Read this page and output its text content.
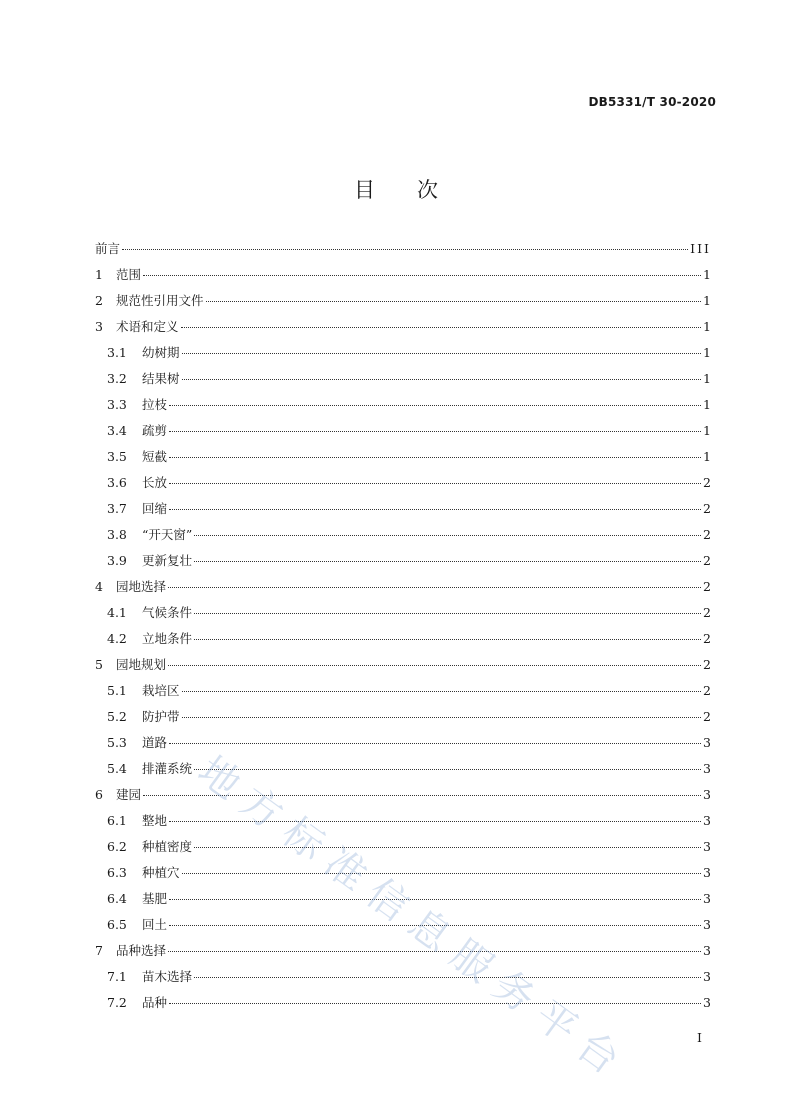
DB5331/T 30-2020
目 次
前言	III
1	范围	1
2	规范性引用文件	1
3	术语和定义	1
3.1	幼树期	1
3.2	结果树	1
3.3	拉枝	1
3.4	疏剪	1
3.5	短截	1
3.6	长放	2
3.7	回缩	2
3.8	“开天窗”	2
3.9	更新复壮	2
4	园地选择	2
4.1	气候条件	2
4.2	立地条件	2
5	园地规划	2
5.1	栽培区	2
5.2	防护带	2
5.3	道路	3
5.4	排灌系统	3
6	建园	3
6.1	整地	3
6.2	种植密度	3
6.3	种植穴	3
6.4	基肥	3
6.5	回土	3
7	品种选择	3
7.1	苗木选择	3
7.2	品种	3
I
地方标准信息服务平台
